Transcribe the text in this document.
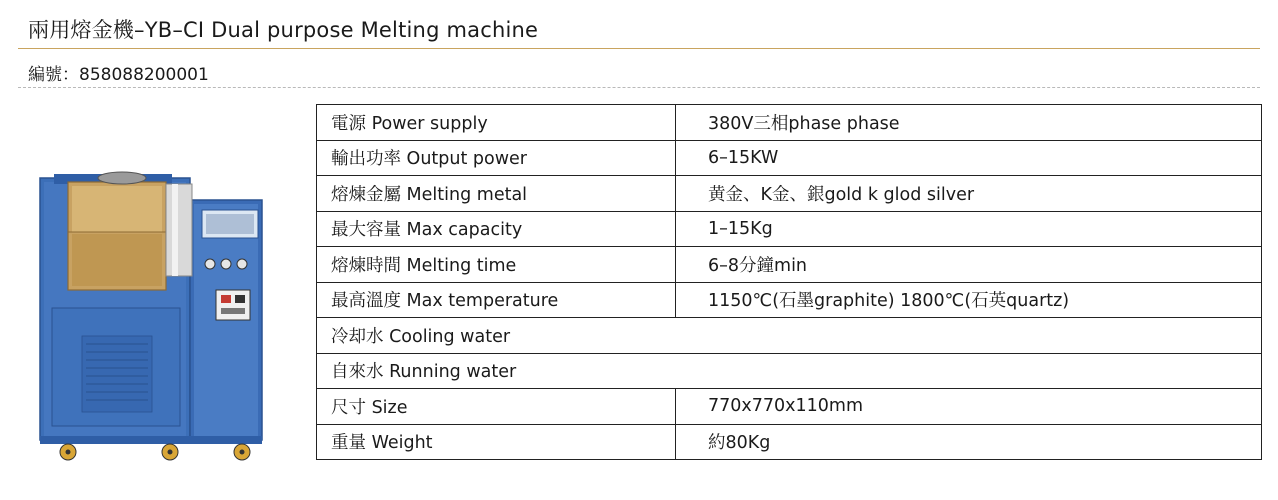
兩用熔金機–YB–CI Dual purpose Melting machine
編號：858088200001
電源 Power supply	380V三相phase phase
輸出功率 Output power	6–15KW
熔煉金屬 Melting metal	黄金、K金、銀gold k glod silver
最大容量 Max capacity	1–15Kg
熔煉時間 Melting time	6–8分鐘min
最高溫度 Max temperature	1150℃(石墨graphite) 1800℃(石英quartz)
冷却水 Cooling water	
自來水 Running water	
尺寸 Size	770x770x110mm
重量 Weight	約80Kg
